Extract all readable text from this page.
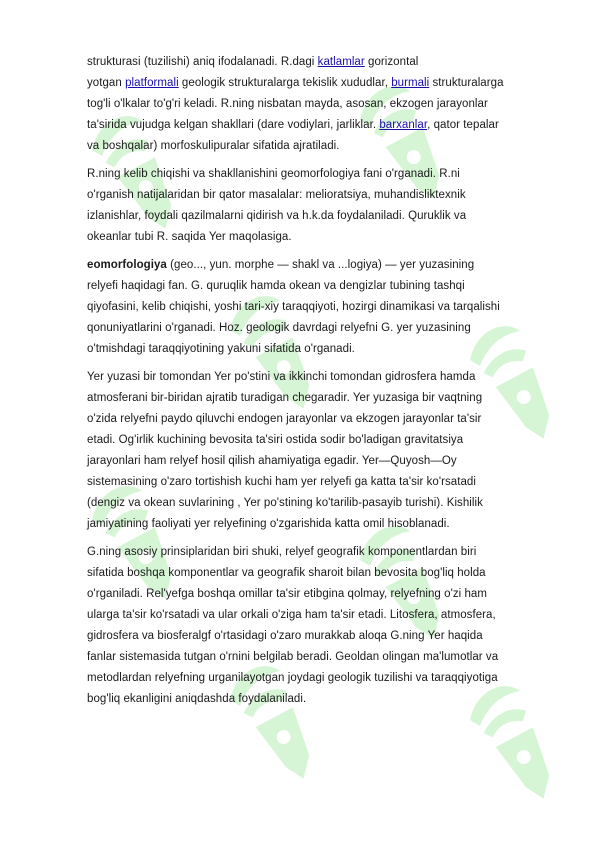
strukturasi (tuzilishi) aniq ifodalanadi. R.dagi katlamlar gorizontal
yotgan platformali geologik strukturalarga tekislik xududlar, burmali strukturalarga
tog'li o'lkalar to'g'ri keladi. R.ning nisbatan mayda, asosan, ekzogen jarayonlar
ta'sirida vujudga kelgan shakllari (dare vodiylari, jarliklar. barxanlar, qator tepalar
va boshqalar) morfoskulipuralar sifatida ajratiladi.
R.ning kelib chiqishi va shakllanishini geomorfologiya fani o'rganadi. R.ni
o'rganish natijalaridan bir qator masalalar: melioratsiya, muhandisliktexnik
izlanishlar, foydali qazilmalarni qidirish va h.k.da foydalaniladi. Quruklik va
okeanlar tubi R. saqida Yer maqolasiga.
eomorfologiya (geo..., yun. morphe — shakl va ...logiya) — yer yuzasining
relyefi haqidagi fan. G. quruqlik hamda okean va dengizlar tubining tashqi
qiyofasini, kelib chiqishi, yoshi tari-xiy taraqqiyoti, hozirgi dinamikasi va tarqalishi
qonuniyatlarini o'rganadi. Hoz. geologik davrdagi relyefni G. yer yuzasining
o'tmishdagi taraqqiyotining yakuni sifatida o'rganadi.
Yer yuzasi bir tomondan Yer po'stini va ikkinchi tomondan gidrosfera hamda
atmosferani bir-biridan ajratib turadigan chegaradir. Yer yuzasiga bir vaqtning
o'zida relyefni paydo qiluvchi endogen jarayonlar va ekzogen jarayonlar ta'sir
etadi. Og'irlik kuchining bevosita ta'siri ostida sodir bo'ladigan gravitatsiya
jarayonlari ham relyef hosil qilish ahamiyatiga egadir. Yer—Quyosh—Oy
sistemasining o'zaro tortishish kuchi ham yer relyefi ga katta ta'sir ko'rsatadi
(dengiz va okean suvlarining , Yer po'stining ko'tarilib-pasayib turishi). Kishilik
jamiyatining faoliyati yer relyefining o'zgarishida katta omil hisoblanadi.
G.ning asosiy prinsiplaridan biri shuki, relyef geografik komponentlardan biri
sifatida boshqa komponentlar va geografik sharoit bilan bevosita bog'liq holda
o'rganiladi. Rel'yefga boshqa omillar ta'sir etibgina qolmay, relyefning o'zi ham
ularga ta'sir ko'rsatadi va ular orkali o'ziga ham ta'sir etadi. Litosfera, atmosfera,
gidrosfera va biosferalgf o'rtasidagi o'zaro murakkab aloqa G.ning Yer haqida
fanlar sistemasida tutgan o'rnini belgilab beradi. Geoldan olingan ma'lumotlar va
metodlardan relyefning urganilayotgan joydagi geologik tuzilishi va taraqqiyotiga
bog'liq ekanligini aniqdashda foydalaniladi.
